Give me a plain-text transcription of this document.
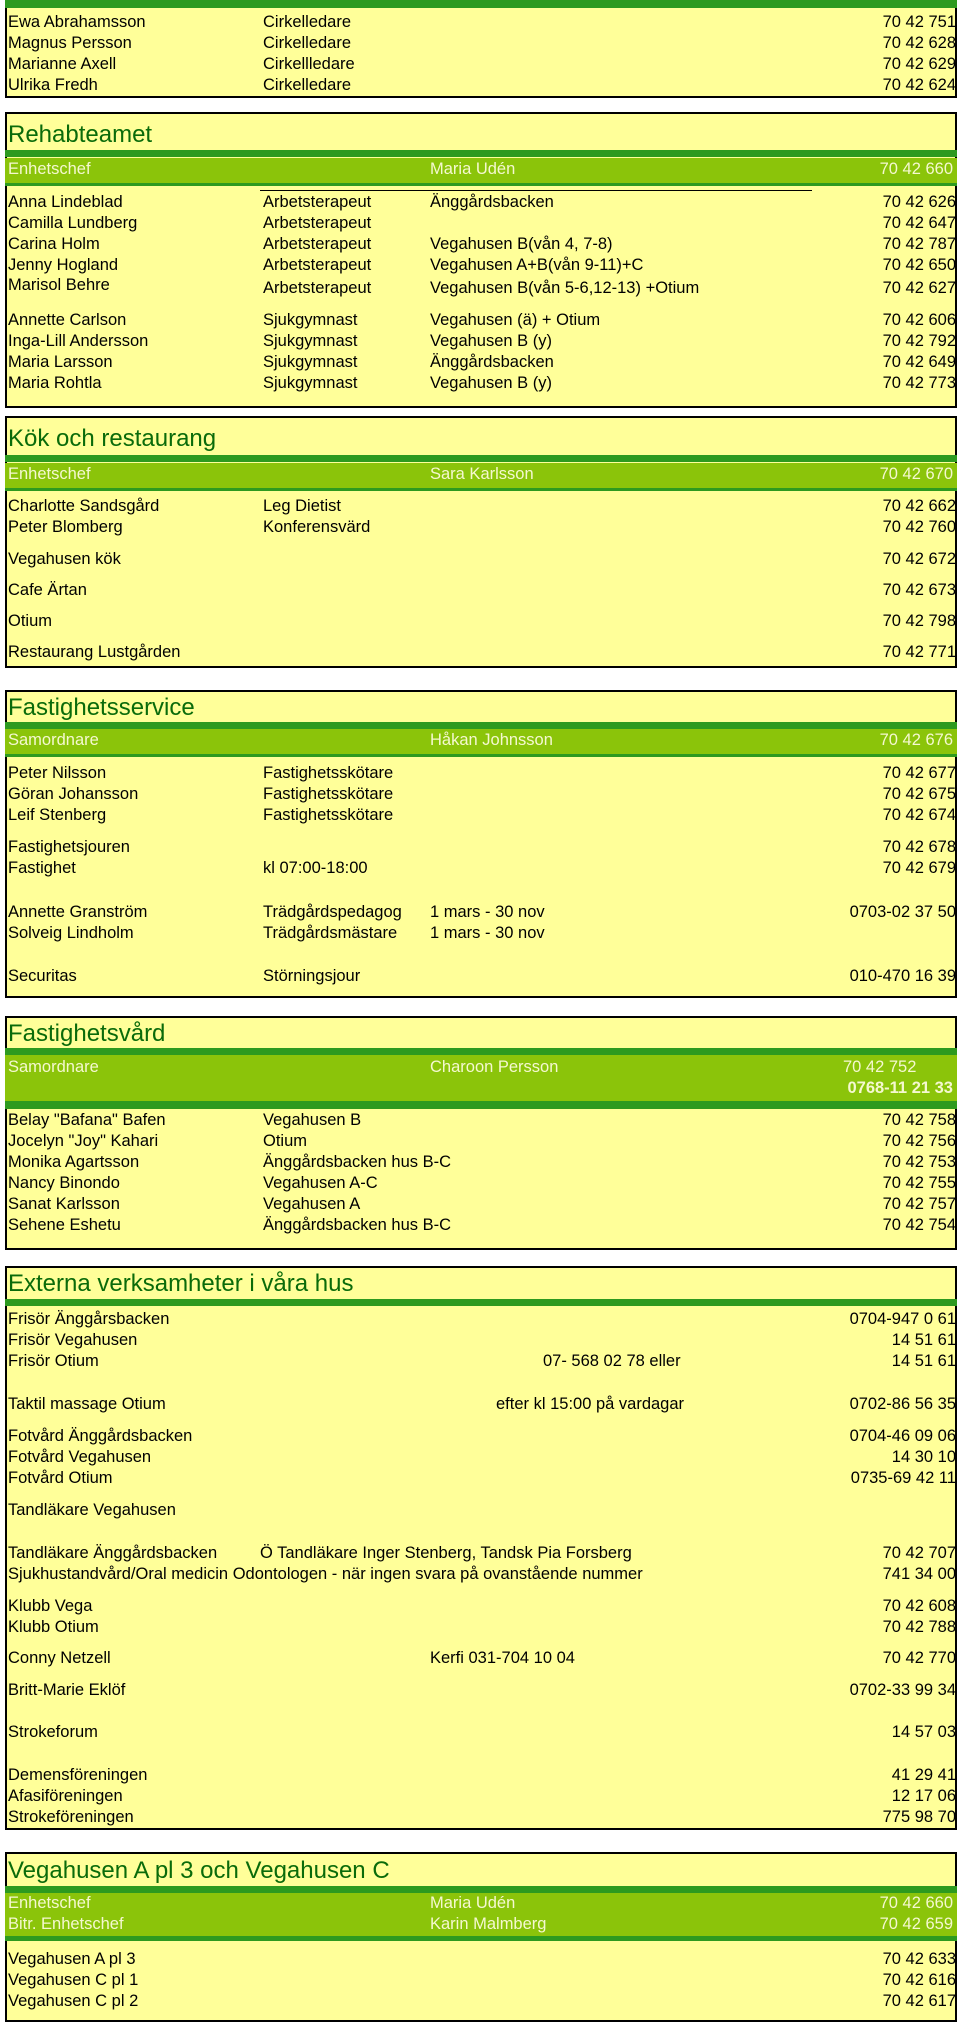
Ewa Abrahamsson	Cirkelledare	70 42 751
Magnus Persson	Cirkelledare	70 42 628
Marianne Axell	Cirkellledare	70 42 629
Ulrika Fredh	Cirkelledare	70 42 624
Rehabteamet
Enhetschef	Maria Udén	70 42 660
Anna Lindeblad	Arbetsterapeut	Änggårdsbacken	70 42 626
Camilla Lundberg	Arbetsterapeut	70 42 647
Carina Holm	Arbetsterapeut	Vegahusen B(vån 4, 7-8)	70 42 787
Jenny Hogland	Arbetsterapeut	Vegahusen A+B(vån 9-11)+C	70 42 650
Marisol Behre	Arbetsterapeut	Vegahusen B(vån 5-6,12-13) +Otium	70 42 627
Annette Carlson	Sjukgymnast	Vegahusen (ä) + Otium	70 42 606
Inga-Lill Andersson	Sjukgymnast	Vegahusen B (y)	70 42 792
Maria Larsson	Sjukgymnast	Änggårdsbacken	70 42 649
Maria Rohtla	Sjukgymnast	Vegahusen B (y)	70 42 773
Kök och restaurang
Enhetschef	Sara Karlsson	70 42 670
Charlotte Sandsgård	Leg Dietist	70 42 662
Peter Blomberg	Konferensvärd	70 42 760
Vegahusen kök	70 42 672
Cafe Ärtan	70 42 673
Otium	70 42 798
Restaurang Lustgården	70 42 771
Fastighetsservice
Samordnare	Håkan Johnsson	70 42 676
Peter Nilsson	Fastighetsskötare	70 42 677
Göran Johansson	Fastighetsskötare	70 42 675
Leif Stenberg	Fastighetsskötare	70 42 674
Fastighetsjouren	70 42 678
Fastighet	kl 07:00-18:00	70 42 679
Annette Granström	Trädgårdspedagog 1 mars - 30 nov	0703-02 37 50
Solveig Lindholm	Trädgårdsmästare 1 mars - 30 nov
Securitas	Störningsjour	010-470 16 39
Fastighetsvård
Samordnare	Charoon Persson	70 42 752
0768-11 21 33
Belay "Bafana" Bafen	Vegahusen B	70 42 758
Jocelyn "Joy" Kahari	Otium	70 42 756
Monika Agartsson	Änggårdsbacken hus B-C	70 42 753
Nancy Binondo	Vegahusen A-C	70 42 755
Sanat Karlsson	Vegahusen A	70 42 757
Sehene Eshetu	Änggårdsbacken hus B-C	70 42 754
Externa verksamheter i våra hus
Frisör Änggårsbacken	0704-947 0 61
Frisör Vegahusen	14 51 61
Frisör Otium	07- 568 02 78 eller	14 51 61
Taktil massage Otium	efter kl 15:00 på vardagar	0702-86 56 35
Fotvård Änggårdsbacken	0704-46 09 06
Fotvård Vegahusen	14 30 10
Fotvård Otium	0735-69 42 11
Tandläkare Vegahusen
Tandläkare Änggårdsbacken	Ö Tandläkare Inger Stenberg, Tandsk Pia Forsberg	70 42 707
Sjukhustandvård/Oral medicin Odontologen - när ingen svara på ovanstående nummer	741 34 00
Klubb Vega	70 42 608
Klubb Otium	70 42 788
Conny Netzell	Kerfi 031-704 10 04	70 42 770
Britt-Marie Eklöf	0702-33 99 34
Strokeforum	14 57 03
Demensföreningen	41 29 41
Afasiföreningen	12 17 06
Strokeföreningen	775 98 70
Vegahusen A pl 3 och Vegahusen C
Enhetschef	Maria Udén	70 42 660
Bitr. Enhetschef	Karin Malmberg	70 42 659
Vegahusen A pl 3	70 42 633
Vegahusen C pl 1	70 42 616
Vegahusen C pl 2	70 42 617
